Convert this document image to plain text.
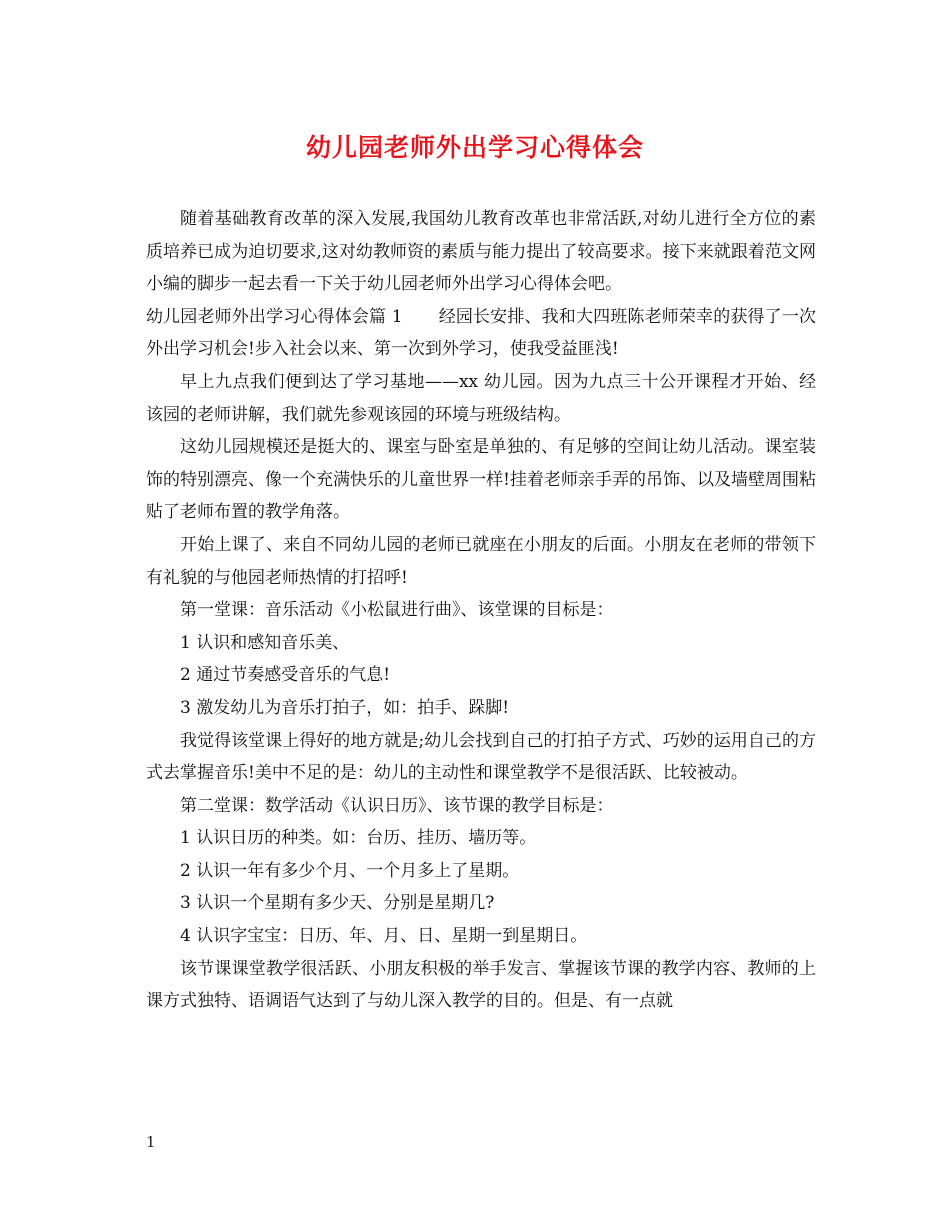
幼儿园老师外出学习心得体会

随着基础教育改革的深入发展,我国幼儿教育改革也非常活跃,对幼儿进行全方位的素质培养已成为迫切要求,这对幼教师资的素质与能力提出了较高要求。接下来就跟着范文网小编的脚步一起去看一下关于幼儿园老师外出学习心得体会吧。

幼儿园老师外出学习心得体会篇 1 经园长安排、我和大四班陈老师荣幸的获得了一次外出学习机会!步入社会以来、第一次到外学习，使我受益匪浅!

早上九点我们便到达了学习基地——xx 幼儿园。因为九点三十公开课程才开始、经该园的老师讲解，我们就先参观该园的环境与班级结构。

这幼儿园规模还是挺大的、课室与卧室是单独的、有足够的空间让幼儿活动。课室装饰的特别漂亮、像一个充满快乐的儿童世界一样!挂着老师亲手弄的吊饰、以及墙壁周围粘贴了老师布置的教学角落。

开始上课了、来自不同幼儿园的老师已就座在小朋友的后面。小朋友在老师的带领下有礼貌的与他园老师热情的打招呼!

第一堂课：音乐活动《小松鼠进行曲》、该堂课的目标是：

1 认识和感知音乐美、

2 通过节奏感受音乐的气息!

3 激发幼儿为音乐打拍子，如：拍手、跺脚!

我觉得该堂课上得好的地方就是;幼儿会找到自己的打拍子方式、巧妙的运用自己的方式去掌握音乐!美中不足的是：幼儿的主动性和课堂教学不是很活跃、比较被动。

第二堂课：数学活动《认识日历》、该节课的教学目标是：

1 认识日历的种类。如：台历、挂历、墙历等。

2 认识一年有多少个月、一个月多上了星期。

3 认识一个星期有多少天、分别是星期几?

4 认识字宝宝：日历、年、月、日、星期一到星期日。

该节课课堂教学很活跃、小朋友积极的举手发言、掌握该节课的教学内容、教师的上课方式独特、语调语气达到了与幼儿深入教学的目的。但是、有一点就

1
